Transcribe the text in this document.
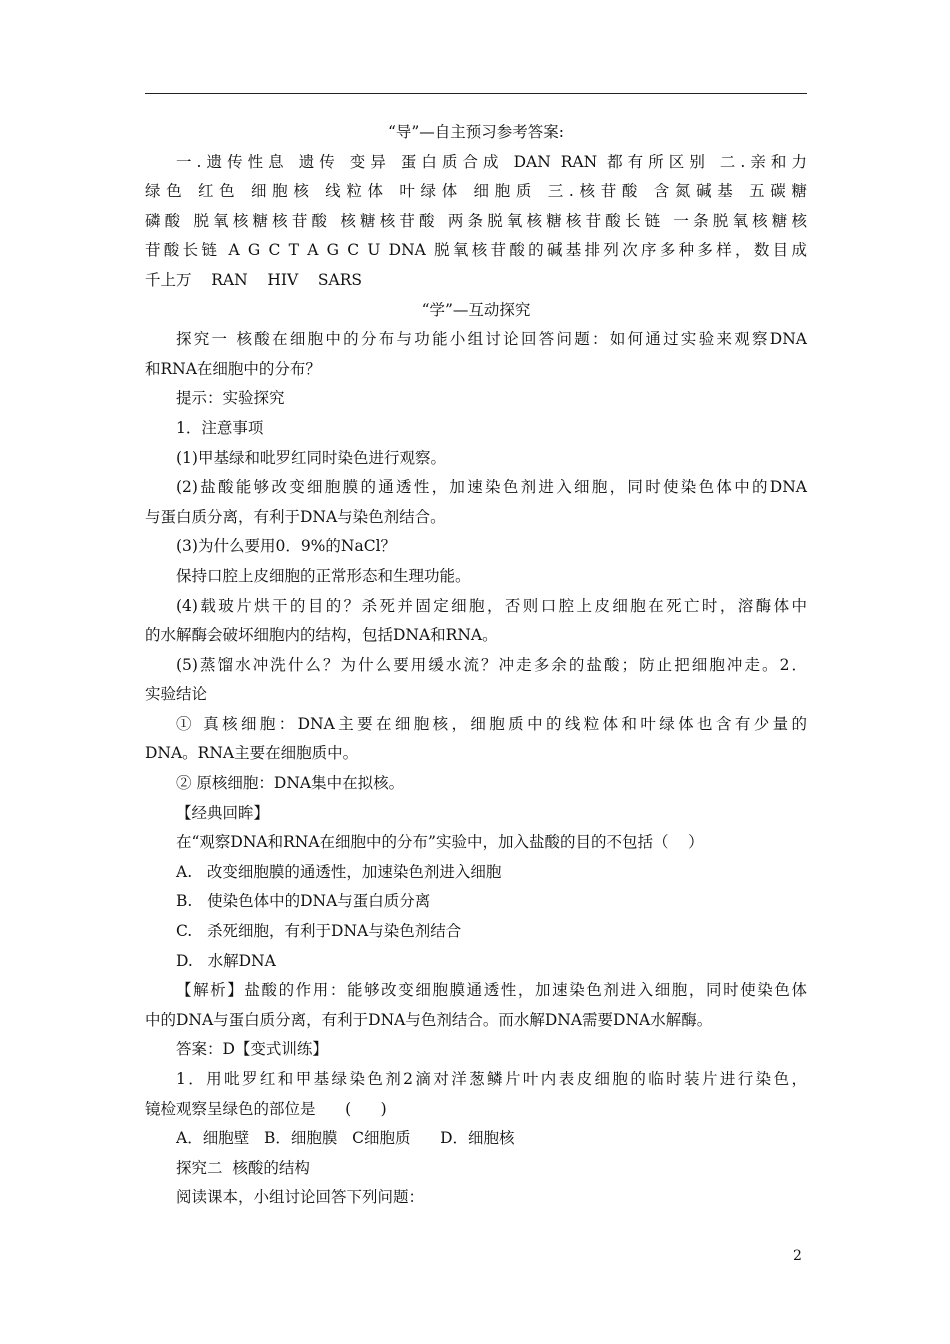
“导”—自主预习参考答案:
一.遗传性息 遗传 变异 蛋白质合成 DAN RAN 都有所区别 二.亲和力
绿色 红色 细胞核 线粒体 叶绿体 细胞质 三.核苷酸 含氮碱基 五碳糖
磷酸 脱氧核糖核苷酸 核糖核苷酸 两条脱氧核糖核苷酸长链 一条脱氧核糖核
苷酸长链 A G C T A G C U DNA 脱氧核苷酸的碱基排列次序多种多样，数目成
千上万    RAN    HIV    SARS
“学”—互动探究
探究一 核酸在细胞中的分布与功能小组讨论回答问题：如何通过实验来观察DNA
和RNA在细胞中的分布？
提示：实验探究
1．注意事项
(1)甲基绿和吡罗红同时染色进行观察。
(2)盐酸能够改变细胞膜的通透性，加速染色剂进入细胞，同时使染色体中的DNA
与蛋白质分离，有利于DNA与染色剂结合。
(3)为什么要用0．9%的NaCl？
保持口腔上皮细胞的正常形态和生理功能。
(4)载玻片烘干的目的？杀死并固定细胞，否则口腔上皮细胞在死亡时，溶酶体中
的水解酶会破坏细胞内的结构，包括DNA和RNA。
(5)蒸馏水冲洗什么？为什么要用缓水流？冲走多余的盐酸；防止把细胞冲走。2．
实验结论
① 真核细胞：DNA主要在细胞核，细胞质中的线粒体和叶绿体也含有少量的
DNA。RNA主要在细胞质中。
② 原核细胞：DNA集中在拟核。
【经典回眸】
在“观察DNA和RNA在细胞中的分布”实验中，加入盐酸的目的不包括（    ）
A.   改变细胞膜的通透性，加速染色剂进入细胞
B.   使染色体中的DNA与蛋白质分离
C.   杀死细胞，有利于DNA与染色剂结合
D.   水解DNA
【解析】盐酸的作用：能够改变细胞膜通透性，加速染色剂进入细胞，同时使染色体
中的DNA与蛋白质分离，有利于DNA与色剂结合。而水解DNA需要DNA水解酶。
答案：D【变式训练】
1．用吡罗红和甲基绿染色剂2滴对洋葱鳞片叶内表皮细胞的临时装片进行染色，
镜检观察呈绿色的部位是      (      )
A．细胞壁   B．细胞膜   C细胞质      D．细胞核
探究二  核酸的结构
阅读课本，小组讨论回答下列问题：
2
